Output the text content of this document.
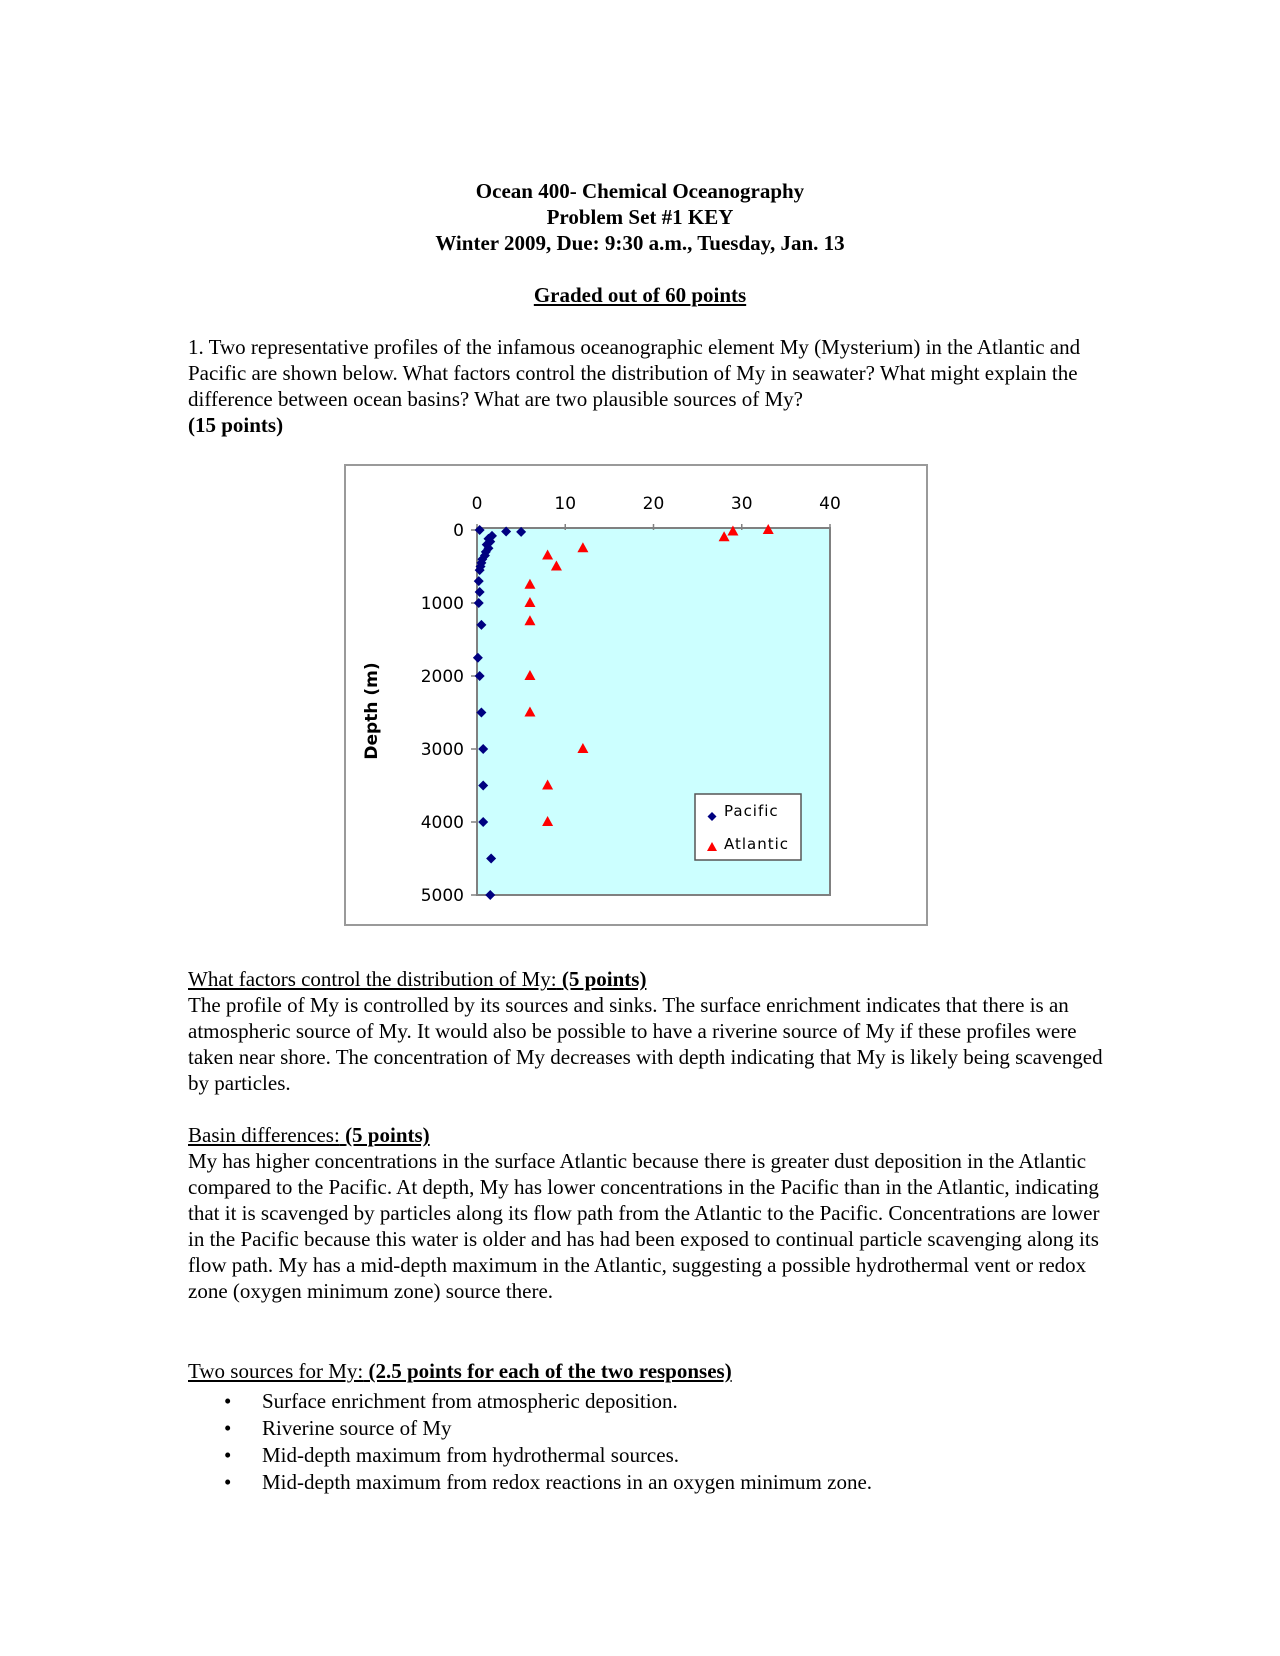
Ocean 400- Chemical Oceanography
Problem Set #1 KEY
Winter 2009, Due: 9:30 a.m., Tuesday, Jan. 13
Graded out of 60 points
1. Two representative profiles of the infamous oceanographic element My (Mysterium) in the Atlantic and Pacific are shown below. What factors control the distribution of My in seawater? What might explain the difference between ocean basins? What are two plausible sources of My?
(15 points)
0	10	20	30	40
0
1000
2000
3000
4000
5000
Depth (m)
Pacific
Atlantic
What factors control the distribution of My: (5 points)
The profile of My is controlled by its sources and sinks. The surface enrichment indicates that there is an atmospheric source of My. It would also be possible to have a riverine source of My if these profiles were taken near shore. The concentration of My decreases with depth indicating that My is likely being scavenged by particles.
Basin differences: (5 points)
My has higher concentrations in the surface Atlantic because there is greater dust deposition in the Atlantic compared to the Pacific. At depth, My has lower concentrations in the Pacific than in the Atlantic, indicating that it is scavenged by particles along its flow path from the Atlantic to the Pacific. Concentrations are lower in the Pacific because this water is older and has had been exposed to continual particle scavenging along its flow path. My has a mid-depth maximum in the Atlantic, suggesting a possible hydrothermal vent or redox zone (oxygen minimum zone) source there.
Two sources for My: (2.5 points for each of the two responses)
• Surface enrichment from atmospheric deposition.
• Riverine source of My
• Mid-depth maximum from hydrothermal sources.
• Mid-depth maximum from redox reactions in an oxygen minimum zone.
